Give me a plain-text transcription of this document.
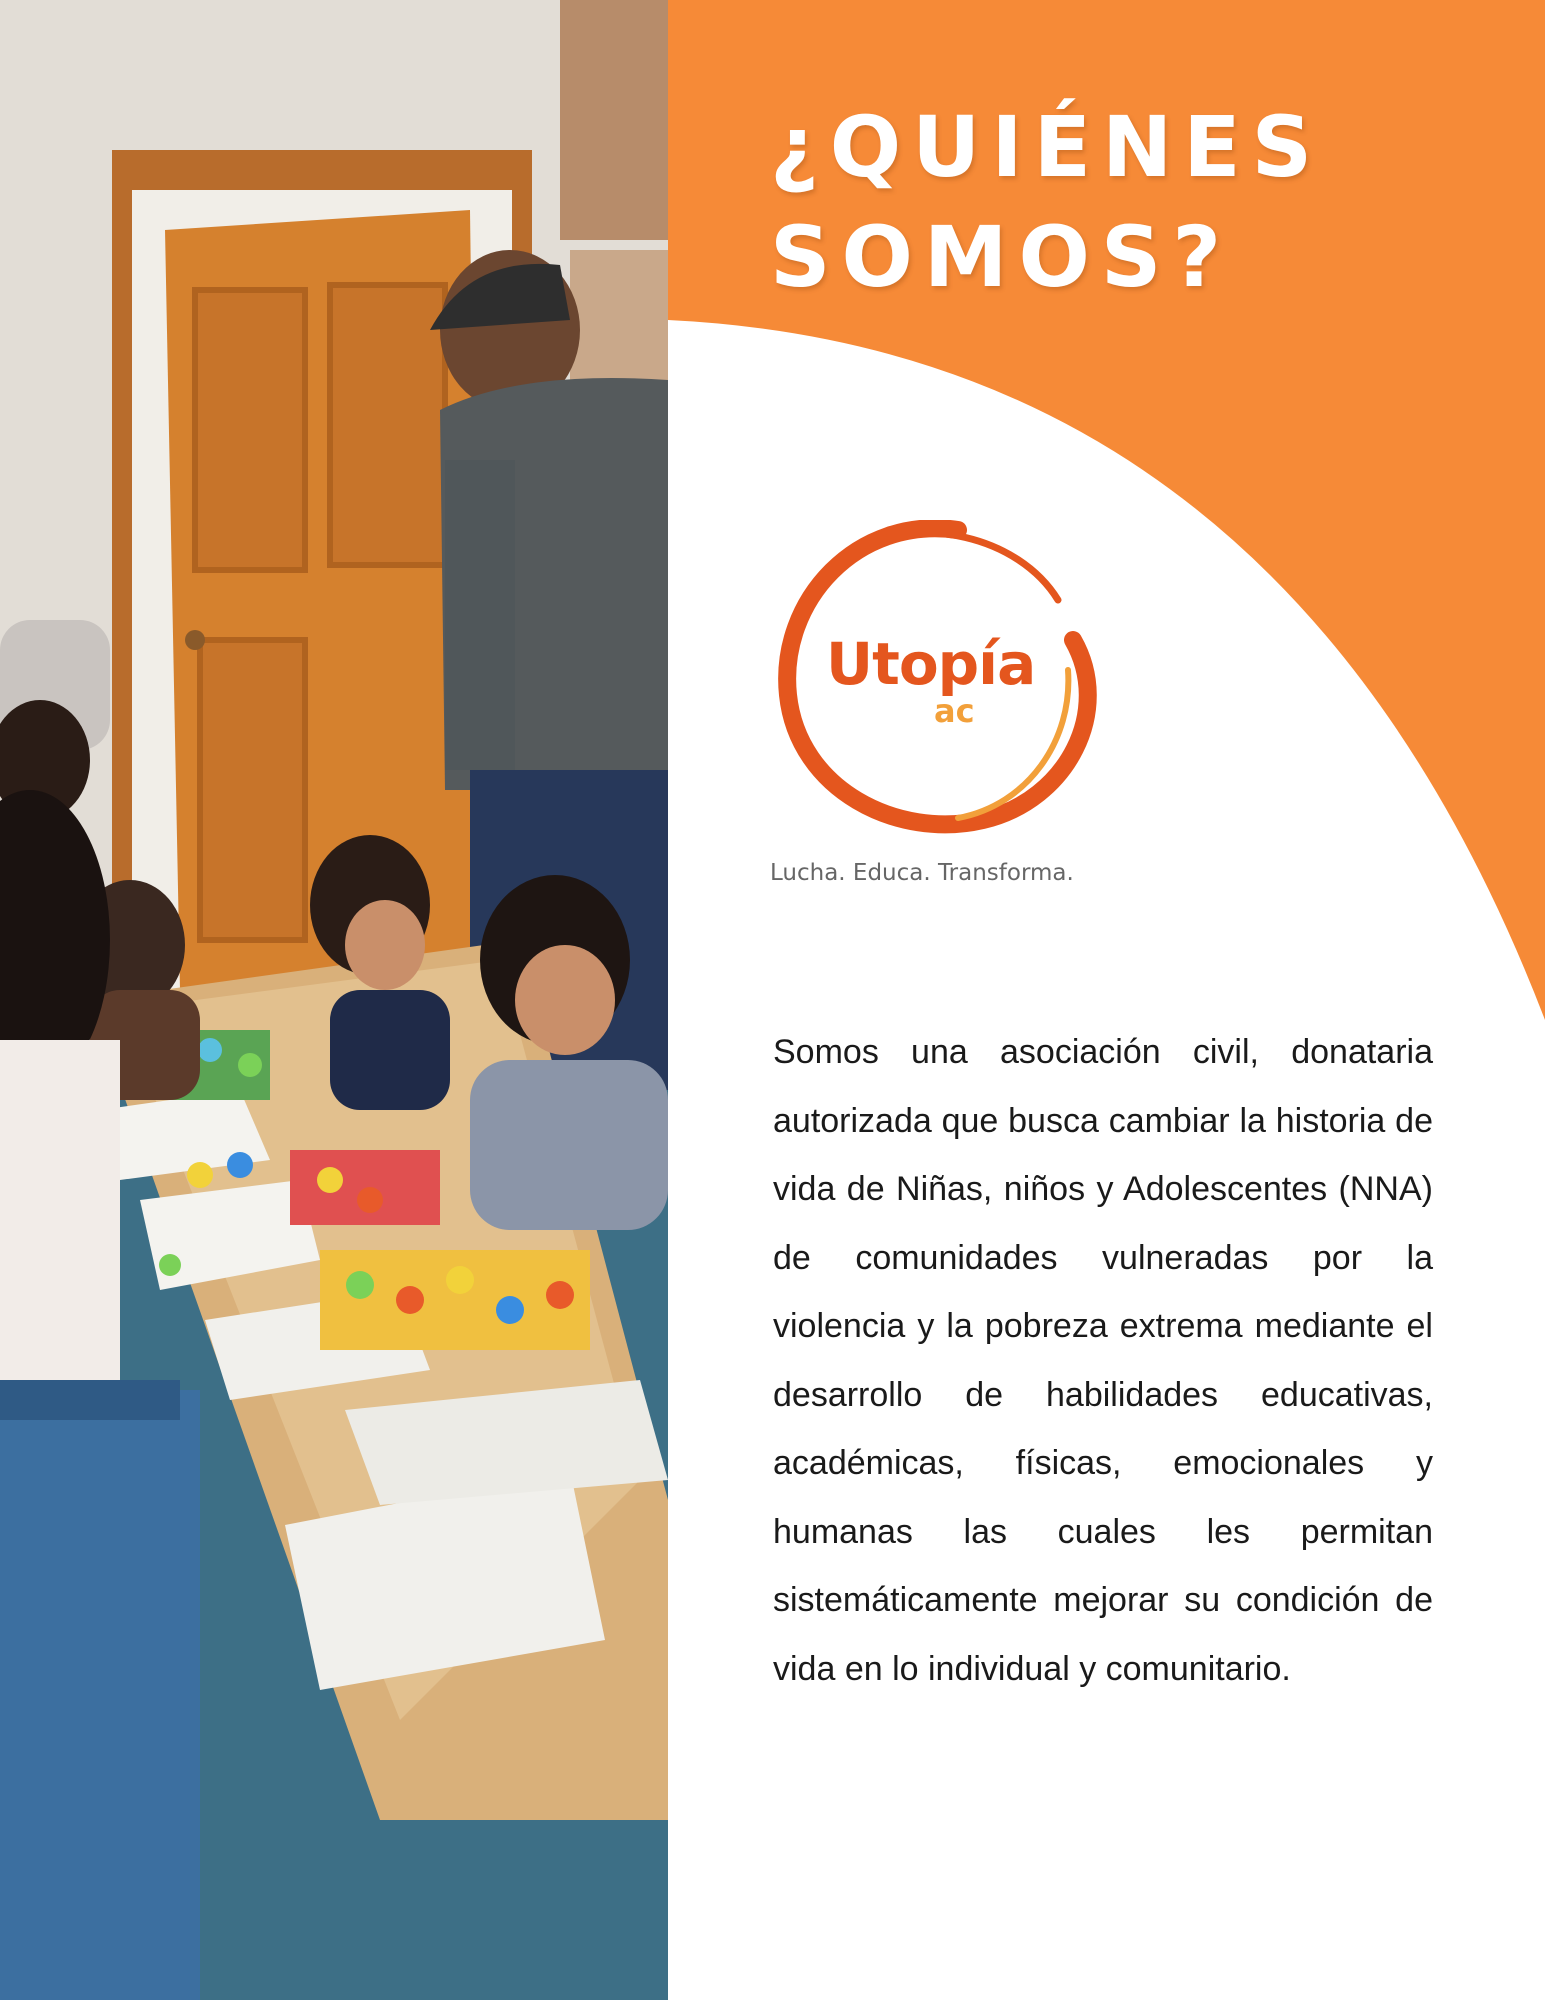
¿QUIÉNES
SOMOS?
Utopía
ac
Lucha. Educa. Transforma.

Somos una asociación civil, donataria autorizada que busca cambiar la historia de vida de Niñas, niños y Adolescentes (NNA) de comunidades vulneradas por la violencia y la pobreza extrema mediante el desarrollo de habilidades educativas, académicas, físicas, emocionales y humanas las cuales les permitan sistemáticamente mejorar su condición de vida en lo individual y comunitario.
